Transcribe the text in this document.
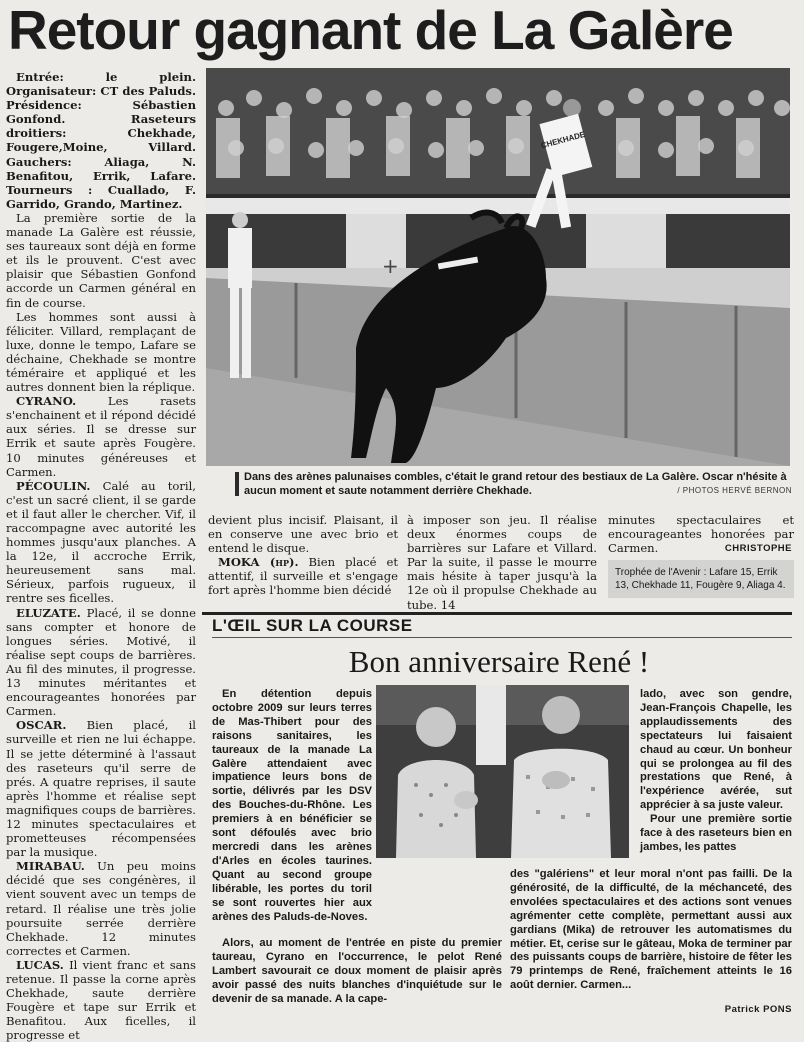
Retour gagnant de La Galère

Entrée: le plein. Organisateur: CT des Paluds. Présidence: Sébastien Gonfond. Raseteurs droitiers: Chekhade, Fougere,Moine, Villard. Gauchers: Aliaga, N. Benafitou, Errik, Lafare. Tourneurs : Cuallado, F. Garrido, Grando, Martinez.

La première sortie de la manade La Galère est réussie, ses taureaux sont déjà en forme et ils le prouvent. C'est avec plaisir que Sébastien Gonfond accorde un Carmen général en fin de course.

Les hommes sont aussi à féliciter. Villard, remplaçant de luxe, donne le tempo, Lafare se déchaine, Chekhade se montre téméraire et appliqué et les autres donnent bien la réplique.

CYRANO. Les rasets s'enchainent et il répond décidé aux séries. Il se dresse sur Errik et saute après Fougère. 10 minutes généreuses et Carmen.

PÉCOULIN. Calé au toril, c'est un sacré client, il se garde et il faut aller le chercher. Vif, il raccompagne avec autorité les hommes jusqu'aux planches. A la 12e, il accroche Errik, heureusement sans mal. Sérieux, parfois rugueux, il rentre ses ficelles.

ELUZATE. Placé, il se donne sans compter et honore de longues séries. Motivé, il réalise sept coups de barrières. Au fil des minutes, il progresse. 13 minutes méritantes et encourageantes honorées par Carmen.

OSCAR. Bien placé, il surveille et rien ne lui échappe. Il se jette déterminé à l'assaut des raseteurs qu'il serre de prés. A quatre reprises, il saute après l'homme et réalise sept magnifiques coups de barrières. 12 minutes spectaculaires et prometteuses récompensées par la musique.

MIRABAU. Un peu moins décidé que ses congénères, il vient souvent avec un temps de retard. Il réalise une très jolie poursuite serrée derrière Chekhade. 12 minutes correctes et Carmen.

LUCAS. Il vient franc et sans retenue. Il passe la corne après Chekhade, saute derrière Fougère et tape sur Errik et Benafitou. Aux ficelles, il progresse et

+
CHEKHADE
Dans des arènes palunaises combles, c'était le grand retour des bestiaux de La Galère. Oscar n'hésite à aucun moment et saute notamment derrière Chekhade.	/ PHOTOS HERVÉ BERNON

devient plus incisif. Plaisant, il en conserve une avec brio et entend le disque.

MOKA (hp). Bien placé et attentif, il surveille et s'engage fort après l'homme bien décidé

à imposer son jeu. Il réalise deux énormes coups de barrières sur Lafare et Villard. Par la suite, il passe le mourre mais hésite à taper jusqu'à la 12e où il propulse Chekhade au tube. 14

minutes spectaculaires et encourageantes honorées par Carmen.	CHRISTOPHE
Trophée de l'Avenir : Lafare 15, Errik 13, Chekhade 11, Fougère 9, Aliaga 4.
L'ŒIL SUR LA COURSE
Bon anniversaire René !

En détention depuis octobre 2009 sur leurs terres de Mas-Thibert pour des raisons sanitaires, les taureaux de la manade La Galère attendaient avec impatience leurs bons de sortie, délivrés par les DSV des Bouches-du-Rhône. Les premiers à en bénéficier se sont défoulés avec brio mercredi dans les arènes d'Arles en écoles taurines. Quant au second groupe libérable, les portes du toril se sont rouvertes hier aux arènes des Paluds-de-Noves.

Alors, au moment de l'entrée en piste du premier taureau, Cyrano en l'occurrence, le pelot René Lambert savourait ce doux moment de plaisir après avoir passé des nuits blanches d'inquiétude sur le devenir de sa manade. A la cape-

lado, avec son gendre, Jean-François Chapelle, les applaudissements des spectateurs lui faisaient chaud au cœur. Un bonheur qui se prolongea au fil des prestations que René, à l'expérience avérée, sut apprécier à sa juste valeur.

Pour une première sortie face à des raseteurs bien en jambes, les pattes

des "galériens" et leur moral n'ont pas failli. De la générosité, de la difficulté, de la méchanceté, des envolées spectaculaires et des actions sont venues agrémenter cette complète, permettant aussi aux gardians (Mika) de retrouver les automatismes du métier. Et, cerise sur le gâteau, Moka de terminer par des puissants coups de barrière, histoire de fêter les 79 printemps de René, fraîchement atteints le 16 août dernier. Carmen...

Patrick PONS
